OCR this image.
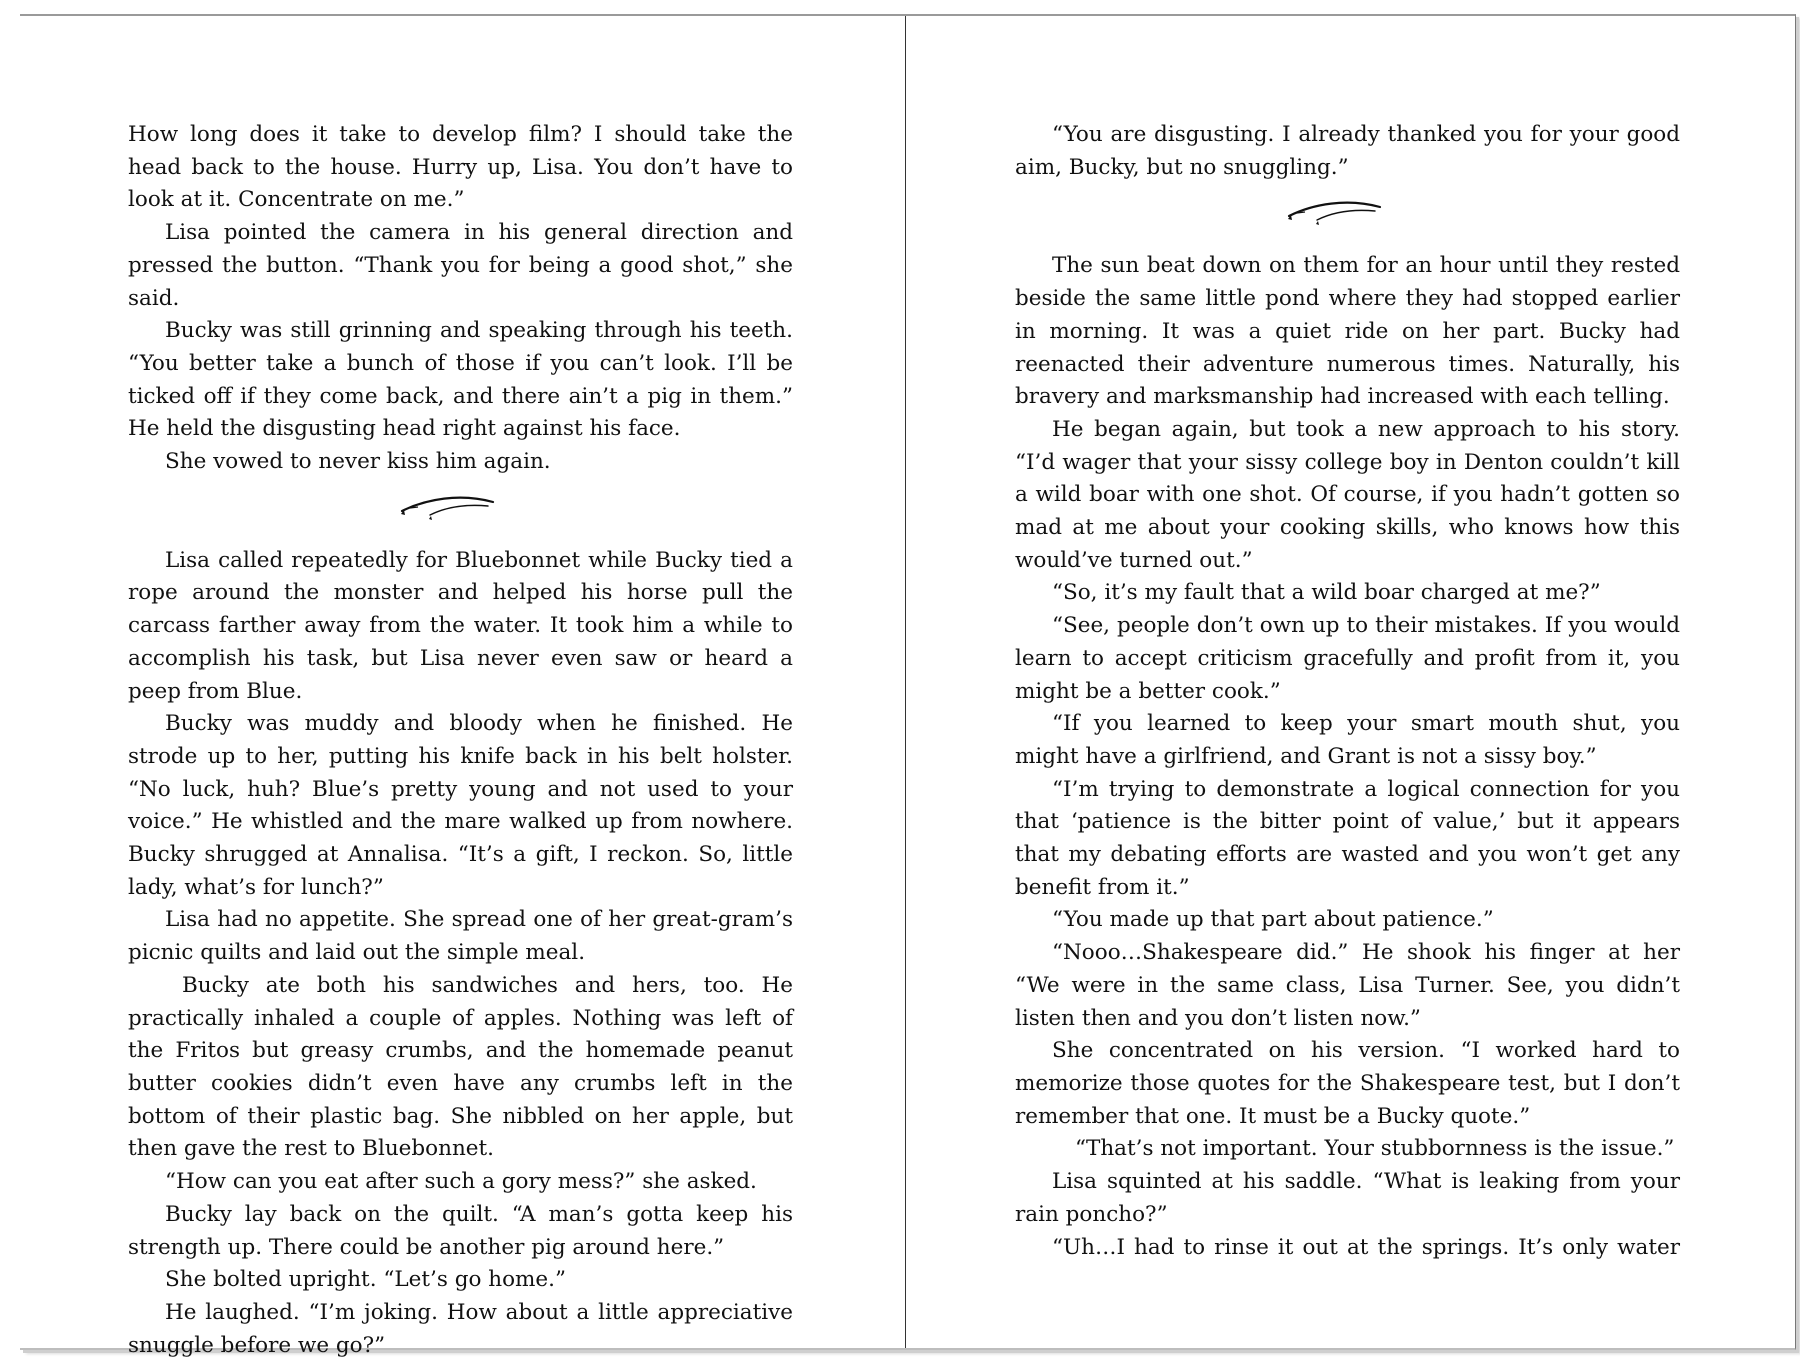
How long does it take to develop film? I should take the head back to the house. Hurry up, Lisa. You don’t have to look at it. Concentrate on me.”

Lisa pointed the camera in his general direction and pressed the button. “Thank you for being a good shot,” she said.

Bucky was still grinning and speaking through his teeth. “You better take a bunch of those if you can’t look. I’ll be ticked off if they come back, and there ain’t a pig in them.” He held the disgusting head right against his face.

She vowed to never kiss him again.

Lisa called repeatedly for Bluebonnet while Bucky tied a rope around the monster and helped his horse pull the carcass farther away from the water. It took him a while to accomplish his task, but Lisa never even saw or heard a peep from Blue.

Bucky was muddy and bloody when he finished. He strode up to her, putting his knife back in his belt holster. “No luck, huh? Blue’s pretty young and not used to your voice.” He whistled and the mare walked up from nowhere. Bucky shrugged at Annalisa. “It’s a gift, I reckon. So, little lady, what’s for lunch?”

Lisa had no appetite. She spread one of her great-gram’s picnic quilts and laid out the simple meal.

Bucky ate both his sandwiches and hers, too. He practically inhaled a couple of apples. Nothing was left of the Fritos but greasy crumbs, and the homemade peanut butter cookies didn’t even have any crumbs left in the bottom of their plastic bag. She nibbled on her apple, but then gave the rest to Bluebonnet.

“How can you eat after such a gory mess?” she asked.

Bucky lay back on the quilt. “A man’s gotta keep his strength up. There could be another pig around here.”

She bolted upright. “Let’s go home.”

He laughed. “I’m joking. How about a little appreciative snuggle before we go?”

“You are disgusting. I already thanked you for your good aim, Bucky, but no snuggling.”

The sun beat down on them for an hour until they rested beside the same little pond where they had stopped earlier in morning. It was a quiet ride on her part. Bucky had reenacted their adventure numerous times. Naturally, his bravery and marksmanship had increased with each telling.

He began again, but took a new approach to his story. “I’d wager that your sissy college boy in Denton couldn’t kill a wild boar with one shot. Of course, if you hadn’t gotten so mad at me about your cooking skills, who knows how this would’ve turned out.”

“So, it’s my fault that a wild boar charged at me?”

“See, people don’t own up to their mistakes. If you would learn to accept criticism gracefully and profit from it, you might be a better cook.”

“If you learned to keep your smart mouth shut, you might have a girlfriend, and Grant is not a sissy boy.”

“I’m trying to demonstrate a logical connection for you that ‘patience is the bitter point of value,’ but it appears that my debating efforts are wasted and you won’t get any benefit from it.”

“You made up that part about patience.”

“Nooo…Shakespeare did.” He shook his finger at her “We were in the same class, Lisa Turner. See, you didn’t listen then and you don’t listen now.”

She concentrated on his version. “I worked hard to memorize those quotes for the Shakespeare test, but I don’t remember that one. It must be a Bucky quote.”

“That’s not important. Your stubbornness is the issue.”

Lisa squinted at his saddle. “What is leaking from your rain poncho?”

“Uh…I had to rinse it out at the springs. It’s only water
